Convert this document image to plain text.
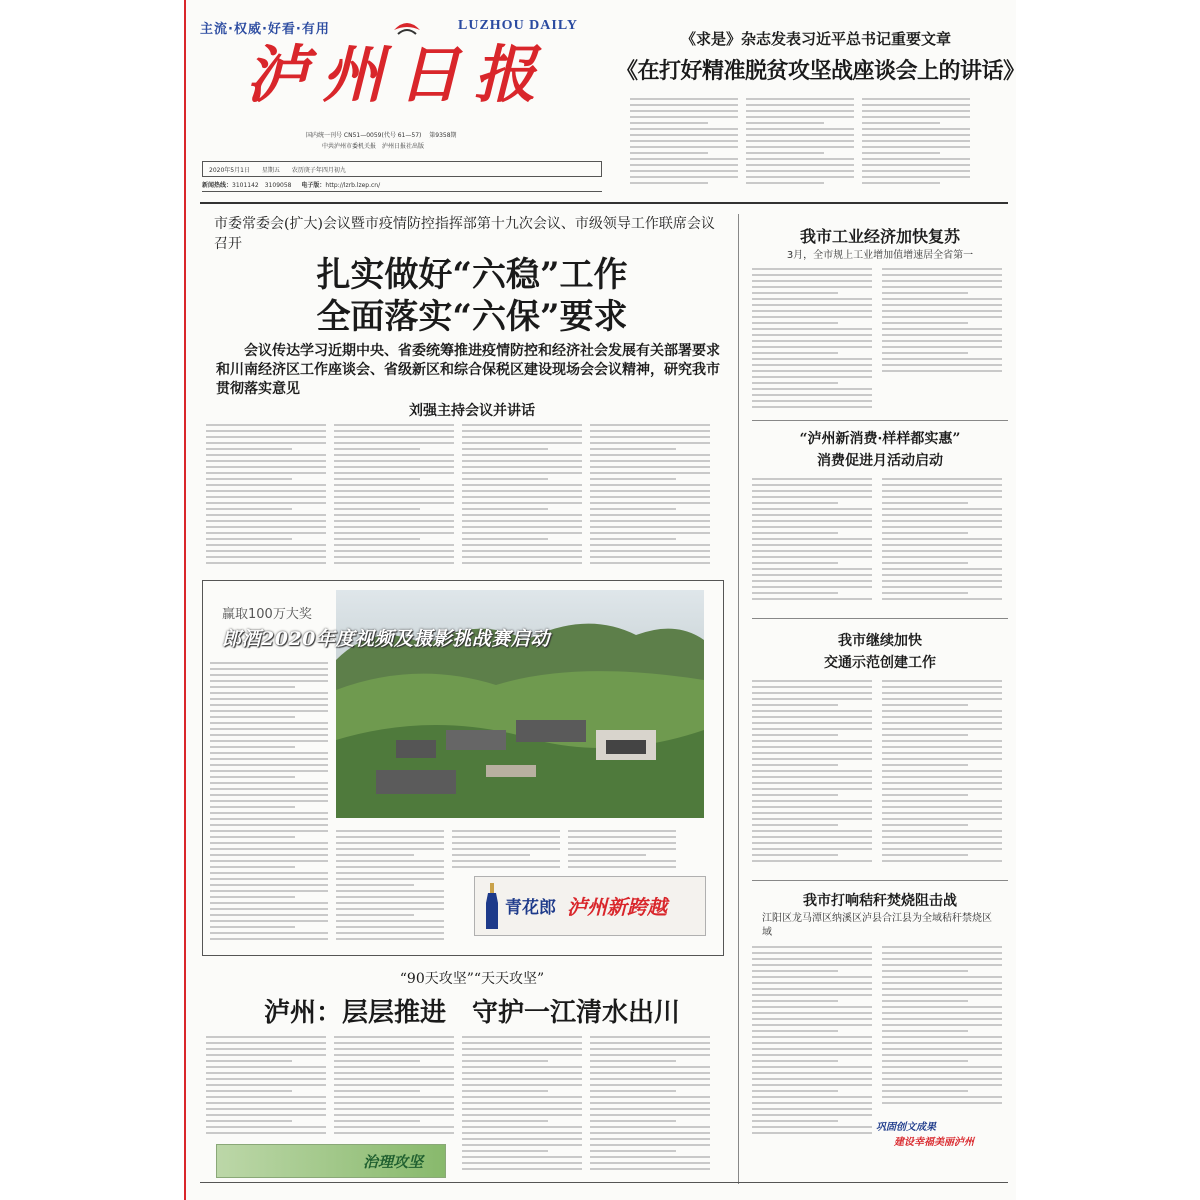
主流·权威·好看·有用	LUZHOU DAILY
泸州日报
国内统一刊号 CN51—0059(代号 61—57) 第9358期
中共泸州市委机关报　泸州日报社出版
2020年5月1日 星期五 农历庚子年四月初九
新闻热线：3101142　3109058 电子版：http://lzrb.lzep.cn/
《求是》杂志发表习近平总书记重要文章
《在打好精准脱贫攻坚战座谈会上的讲话》
市委常委会(扩大)会议暨市疫情防控指挥部第十九次会议、市级领导工作联席会议召开
扎实做好“六稳”工作
全面落实“六保”要求
会议传达学习近期中央、省委统筹推进疫情防控和经济社会发展有关部署要求和川南经济区工作座谈会、省级新区和综合保税区建设现场会会议精神，研究我市贯彻落实意见
刘强主持会议并讲话
赢取100万大奖
郎酒2020年度视频及摄影挑战赛启动
青花郎 泸州新跨越
“90天攻坚”“天天攻坚”
泸州：层层推进　守护一江清水出川
治理攻坚
我市工业经济加快复苏
3月，全市规上工业增加值增速居全省第一
“泸州新消费·样样都实惠”
消费促进月活动启动
我市继续加快
交通示范创建工作
我市打响秸秆焚烧阻击战
江阳区龙马潭区纳溪区泸县合江县为全域秸秆禁烧区域
巩固创文成果
建设幸福美丽泸州
